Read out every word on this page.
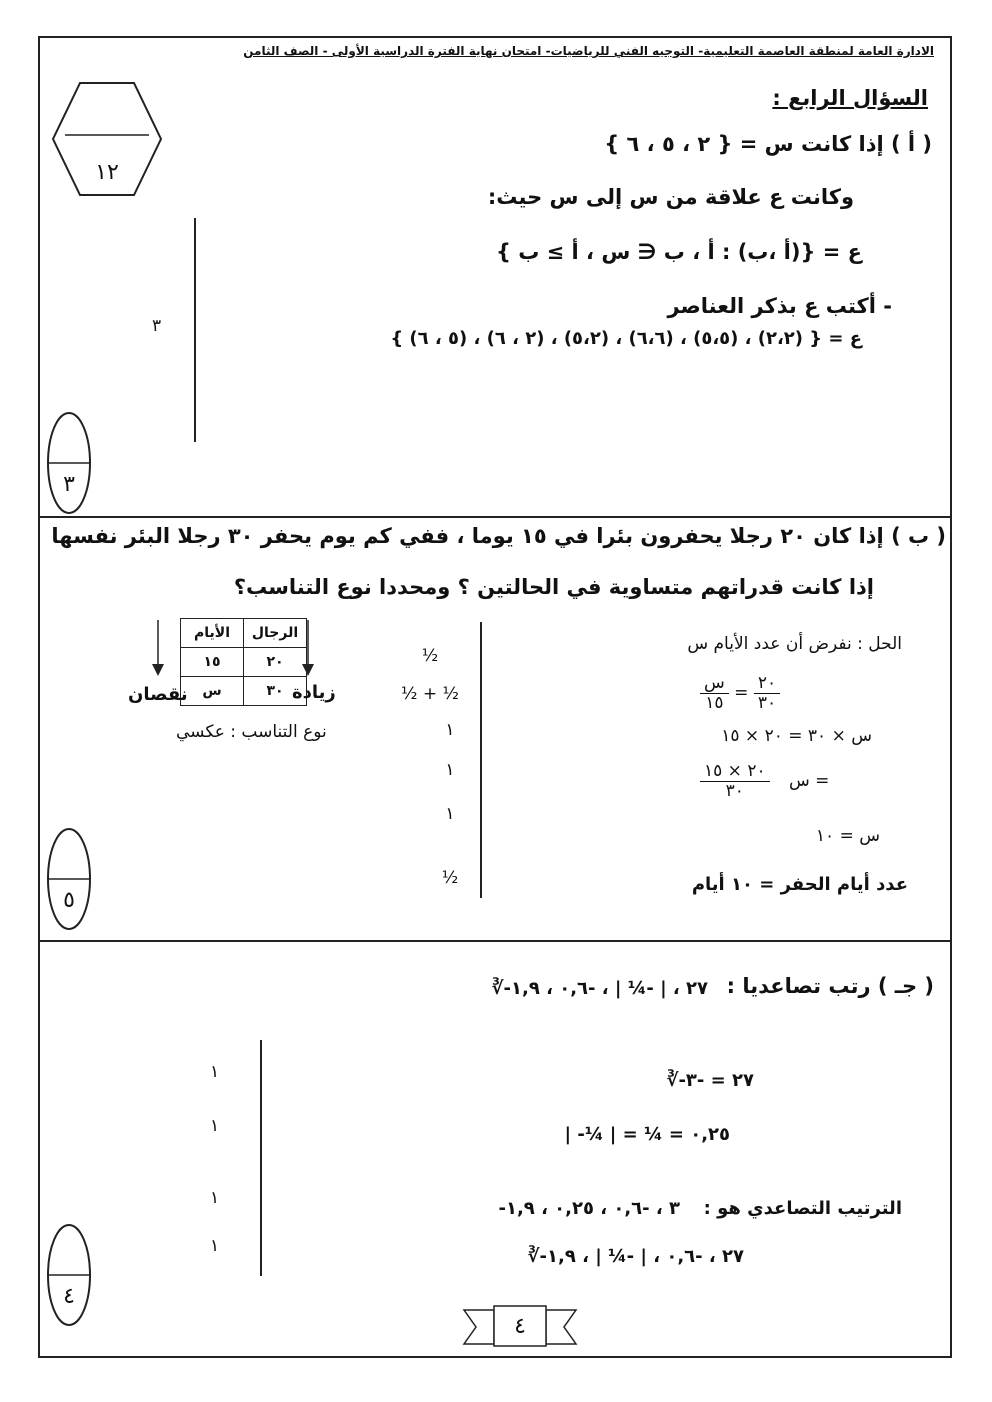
الادارة العامة لمنطقة العاصمة التعليمية- التوجيه الفني للرياضيات- امتحان نهاية الفترة الدراسية الأولى - الصف الثامن
١٢
السؤال الرابع :
( أ ) إذا كانت س = { ٢ ، ٥ ، ٦ }
وكانت ع علاقة من س إلى س حيث:
ع = {(أ ،ب) : أ ، ب ∈ س ، أ ≥ ب }
- أكتب ع بذكر العناصر
ع = { (٢،٢) ، (٥،٥) ، (٦،٦) ، (٥،٢) ، (٢ ، ٦) ، (٥ ، ٦) }
٣
٣
( ب ) إذا كان ٢٠ رجلا يحفرون بئرا في ١٥ يوما ، ففي كم يوم يحفر ٣٠ رجلا البئر نفسها
إذا كانت قدراتهم متساوية في الحالتين ؟ ومحددا نوع التناسب؟
الأيام	الرجال
١٥	٢٠
س	٣٠
نقصان	زيادة
نوع التناسب : عكسي
½
½ + ½
١
١
١
½
الحل : نفرض أن عدد الأيام س
$\frac{\text{س}}{١٥} = \frac{٢٠}{٣٠}$
س × ٣٠ = ٢٠ × ١٥
$\frac{٢٠ \times ١٥}{٣٠}$ س =
س = ١٠
عدد أيام الحفر = ١٠ أيام
٥
( جـ ) رتب تصاعديا :
∛-٢٧ ، | -¼ | ، -٠,٦ ، ١,٩
١
١
١
١
∛-٢٧ = -٣
| -¼ | = ¼ = ٠,٢٥
الترتيب التصاعدي هو :
-٣ ، -٠,٦ ، ٠,٢٥ ، ١,٩
∛-٢٧ ، -٠,٦ ، | -¼ | ، ١,٩
٤
٤
